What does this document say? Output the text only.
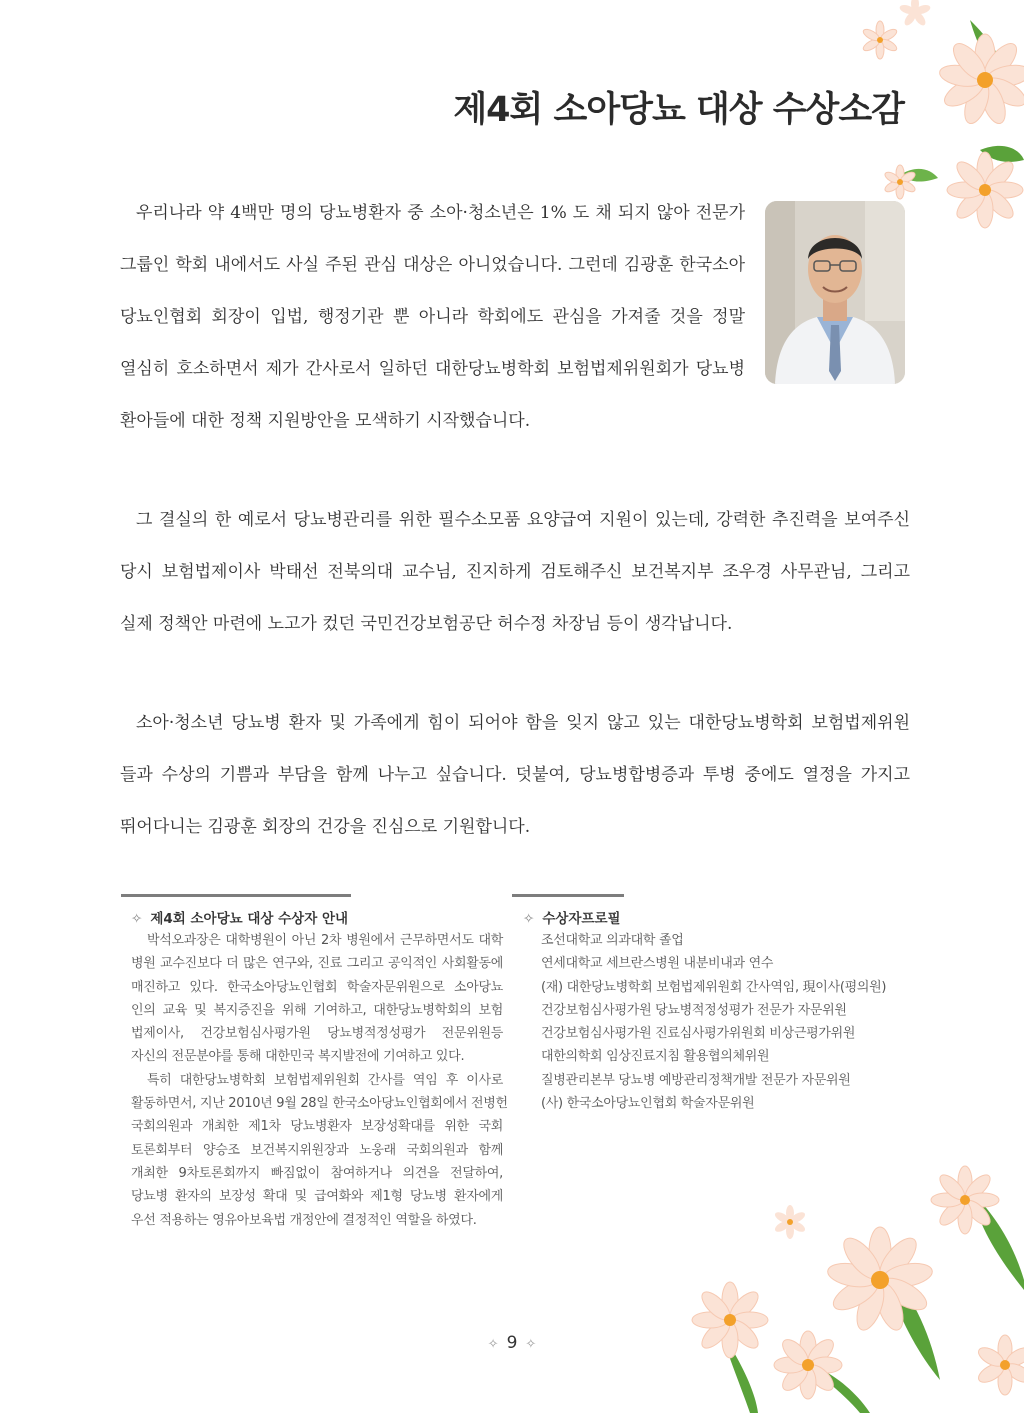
제4회 소아당뇨 대상 수상소감
우리나라 약 4백만 명의 당뇨병환자 중 소아·청소년은 1% 도 채 되지 않아 전문가
그룹인 학회 내에서도 사실 주된 관심 대상은 아니었습니다. 그런데 김광훈 한국소아
당뇨인협회 회장이 입법, 행정기관 뿐 아니라 학회에도 관심을 가져줄 것을 정말
열심히 호소하면서 제가 간사로서 일하던 대한당뇨병학회 보험법제위원회가 당뇨병
환아들에 대한 정책 지원방안을 모색하기 시작했습니다.
그 결실의 한 예로서 당뇨병관리를 위한 필수소모품 요양급여 지원이 있는데, 강력한 추진력을 보여주신
당시 보험법제이사 박태선 전북의대 교수님, 진지하게 검토해주신 보건복지부 조우경 사무관님, 그리고
실제 정책안 마련에 노고가 컸던 국민건강보험공단 허수정 차장님 등이 생각납니다.
소아·청소년 당뇨병 환자 및 가족에게 힘이 되어야 함을 잊지 않고 있는 대한당뇨병학회 보험법제위원
들과 수상의 기쁨과 부담을 함께 나누고 싶습니다. 덧붙여, 당뇨병합병증과 투병 중에도 열정을 가지고
뛰어다니는 김광훈 회장의 건강을 진심으로 기원합니다.
✧ 제4회 소아당뇨 대상 수상자 안내
박석오과장은 대학병원이 아닌 2차 병원에서 근무하면서도 대학
병원 교수진보다 더 많은 연구와, 진료 그리고 공익적인 사회활동에
매진하고 있다. 한국소아당뇨인협회 학술자문위원으로 소아당뇨
인의 교육 및 복지증진을 위해 기여하고, 대한당뇨병학회의 보험
법제이사, 건강보험심사평가원 당뇨병적정성평가 전문위원등
자신의 전문분야를 통해 대한민국 복지발전에 기여하고 있다.
특히 대한당뇨병학회 보험법제위원회 간사를 역임 후 이사로
활동하면서, 지난 2010년 9월 28일 한국소아당뇨인협회에서 전병헌
국회의원과 개최한 제1차 당뇨병환자 보장성확대를 위한 국회
토론회부터 양승조 보건복지위원장과 노웅래 국회의원과 함께
개최한 9차토론회까지 빠짐없이 참여하거나 의견을 전달하여,
당뇨병 환자의 보장성 확대 및 급여화와 제1형 당뇨병 환자에게
우선 적용하는 영유아보육법 개정안에 결정적인 역할을 하였다.
✧ 수상자프로필
조선대학교 의과대학 졸업
연세대학교 세브란스병원 내분비내과 연수
(재) 대한당뇨병학회 보험법제위원회 간사역임, 現이사(평의원)
건강보험심사평가원 당뇨병적정성평가 전문가 자문위원
건강보험심사평가원 진료심사평가위원회 비상근평가위원
대한의학회 임상진료지침 활용협의체위원
질병관리본부 당뇨병 예방관리정책개발 전문가 자문위원
(사) 한국소아당뇨인협회 학술자문위원
✧ 9 ✧
